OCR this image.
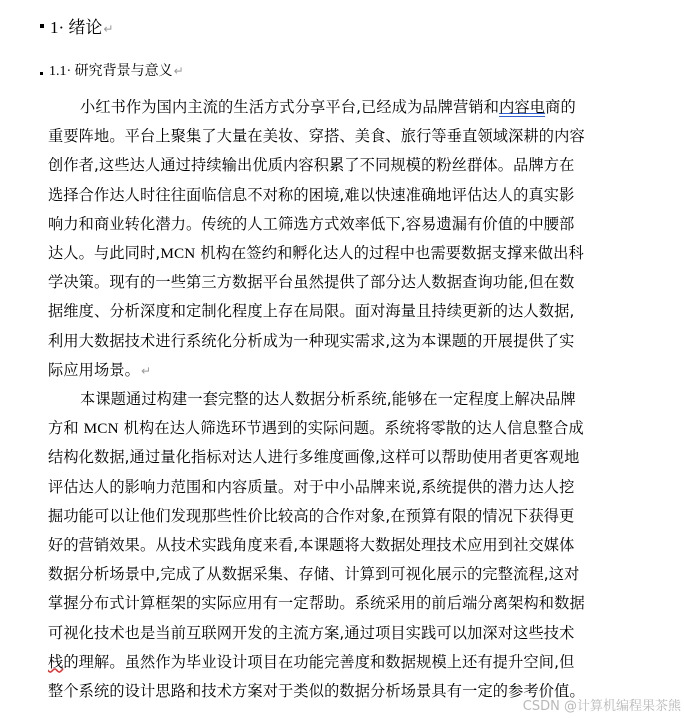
1· 绪论↵
1.1· 研究背景与意义↵
小红书作为国内主流的生活方式分享平台,已经成为品牌营销和内容电商的
重要阵地。平台上聚集了大量在美妆、穿搭、美食、旅行等垂直领域深耕的内容
创作者,这些达人通过持续输出优质内容积累了不同规模的粉丝群体。品牌方在
选择合作达人时往往面临信息不对称的困境,难以快速准确地评估达人的真实影
响力和商业转化潜力。传统的人工筛选方式效率低下,容易遗漏有价值的中腰部
达人。与此同时,MCN 机构在签约和孵化达人的过程中也需要数据支撑来做出科
学决策。现有的一些第三方数据平台虽然提供了部分达人数据查询功能,但在数
据维度、分析深度和定制化程度上存在局限。面对海量且持续更新的达人数据,
利用大数据技术进行系统化分析成为一种现实需求,这为本课题的开展提供了实
际应用场景。↵
本课题通过构建一套完整的达人数据分析系统,能够在一定程度上解决品牌
方和 MCN 机构在达人筛选环节遇到的实际问题。系统将零散的达人信息整合成
结构化数据,通过量化指标对达人进行多维度画像,这样可以帮助使用者更客观地
评估达人的影响力范围和内容质量。对于中小品牌来说,系统提供的潜力达人挖
掘功能可以让他们发现那些性价比较高的合作对象,在预算有限的情况下获得更
好的营销效果。从技术实践角度来看,本课题将大数据处理技术应用到社交媒体
数据分析场景中,完成了从数据采集、存储、计算到可视化展示的完整流程,这对
掌握分布式计算框架的实际应用有一定帮助。系统采用的前后端分离架构和数据
可视化技术也是当前互联网开发的主流方案,通过项目实践可以加深对这些技术
栈的理解。虽然作为毕业设计项目在功能完善度和数据规模上还有提升空间,但
整个系统的设计思路和技术方案对于类似的数据分析场景具有一定的参考价值。
CSDN @计算机编程果茶熊
